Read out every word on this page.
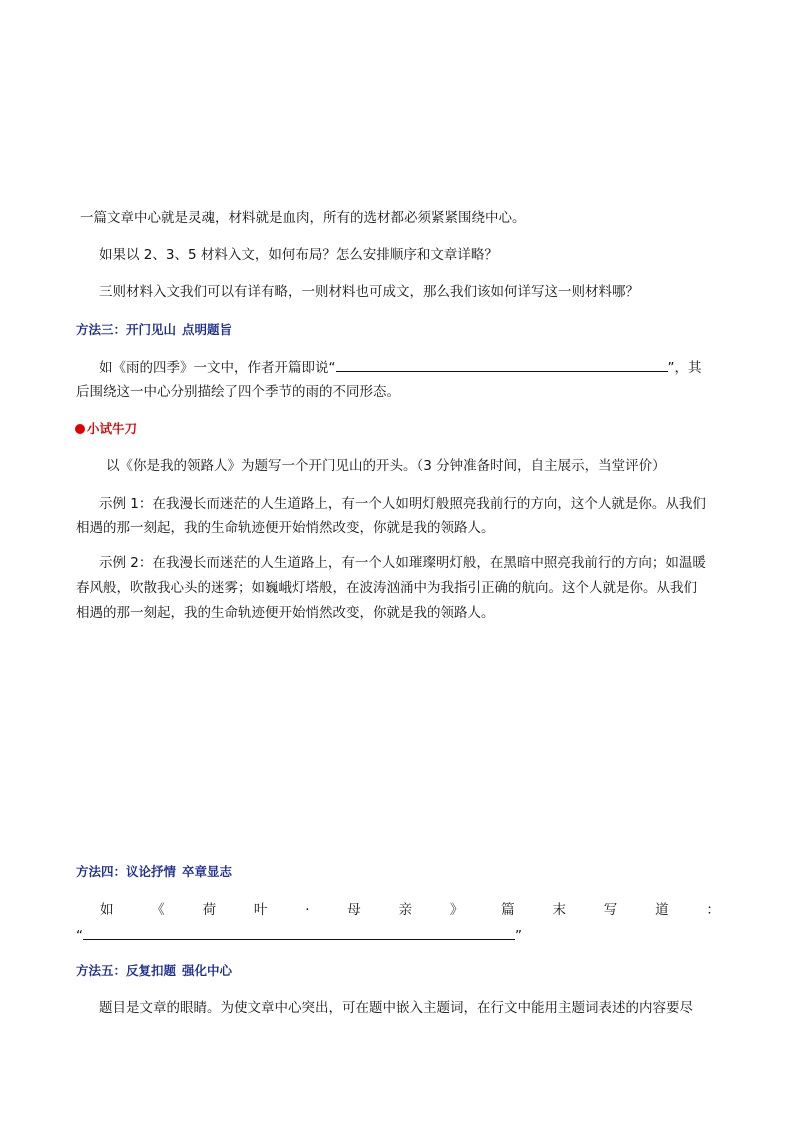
一篇文章中心就是灵魂，材料就是血肉，所有的选材都必须紧紧围绕中心。
如果以 2、3、5 材料入文，如何布局？怎么安排顺序和文章详略？
三则材料入文我们可以有详有略，一则材料也可成文，那么我们该如何详写这一则材料哪？
方法三：开门见山 点明题旨
如《雨的四季》一文中，作者开篇即说“	”，其
后围绕这一中心分别描绘了四个季节的雨的不同形态。
小试牛刀
以《你是我的领路人》为题写一个开门见山的开头。（3 分钟准备时间，自主展示，当堂评价）
示例 1：在我漫长而迷茫的人生道路上，有一个人如明灯般照亮我前行的方向，这个人就是你。从我们
相遇的那一刻起，我的生命轨迹便开始悄然改变，你就是我的领路人。
示例 2：在我漫长而迷茫的人生道路上，有一个人如璀璨明灯般，在黑暗中照亮我前行的方向；如温暖
春风般，吹散我心头的迷雾；如巍峨灯塔般，在波涛汹涌中为我指引正确的航向。这个人就是你。从我们
相遇的那一刻起，我的生命轨迹便开始悄然改变，你就是我的领路人。
方法四：议论抒情 卒章显志
如	《	荷	叶	·	母	亲	》	篇	末	写	道	：
“	”
方法五：反复扣题 强化中心
题目是文章的眼睛。为使文章中心突出，可在题中嵌入主题词，在行文中能用主题词表述的内容要尽
